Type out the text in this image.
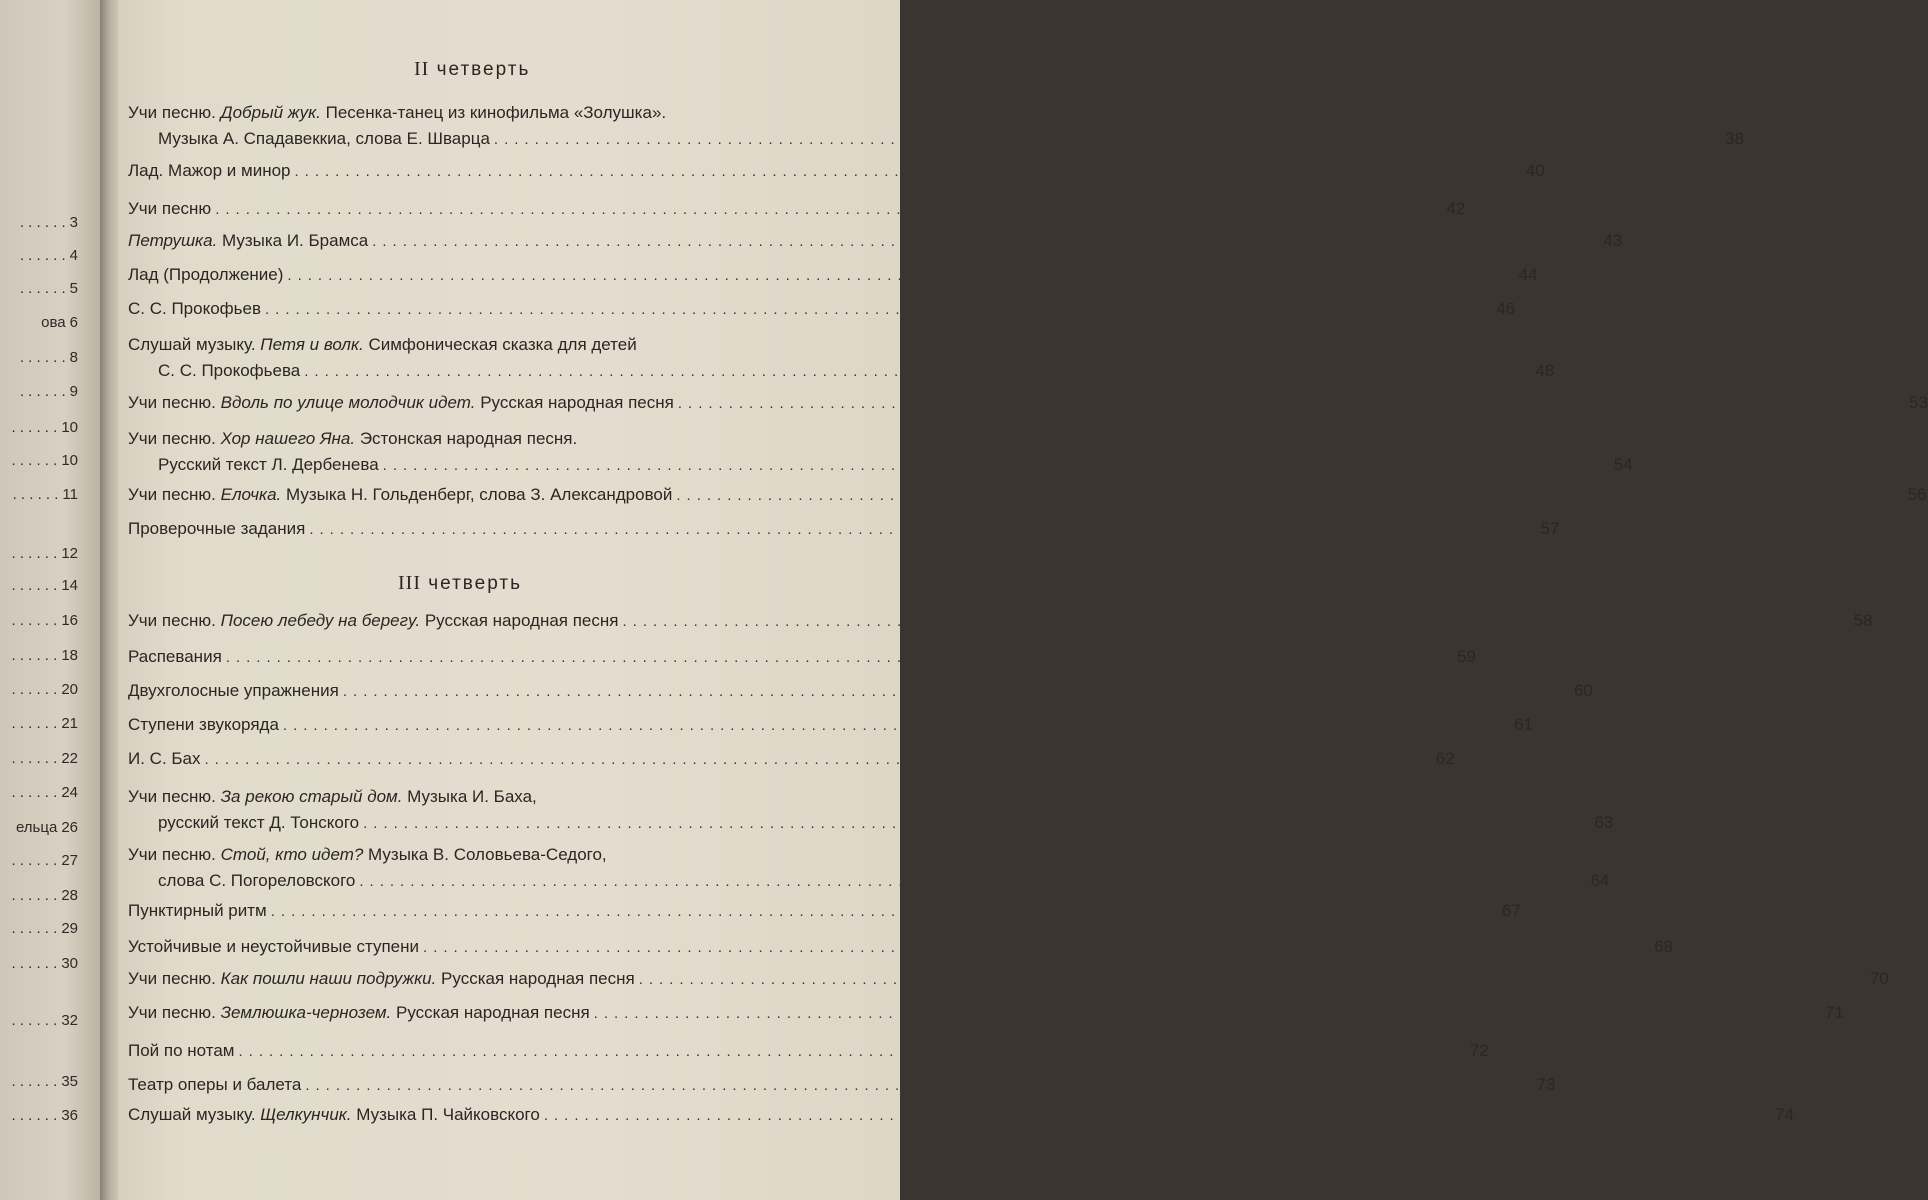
. . . . . . 3
. . . . . . 4
. . . . . . 5
ова 6
. . . . . . 8
. . . . . . 9
. . . . . . 10
. . . . . . 10
. . . . . . 11
. . . . . . 12
. . . . . . 14
. . . . . . 16
. . . . . . 18
. . . . . . 20
. . . . . . 21
. . . . . . 22
. . . . . . 24
ельца 26
. . . . . . 27
. . . . . . 28
. . . . . . 29
. . . . . . 30
. . . . . . 32
. . . . . . 35
. . . . . . 36
II четверть
Учи песню. Добрый жук. Песенка-танец из кинофильма «Золушка».
Музыка А. Спадавеккиа, слова Е. Шварца ........................................................................................................................ 38
Лад. Мажор и минор ........................................................................................................................ 40
Учи песню ........................................................................................................................ 42
Петрушка. Музыка И. Брамса ........................................................................................................................ 43
Лад (Продолжение) ........................................................................................................................ 44
С. С. Прокофьев ........................................................................................................................ 46
Слушай музыку. Петя и волк. Симфоническая сказка для детей
С. С. Прокофьева ........................................................................................................................ 48
Учи песню. Вдоль по улице молодчик идет. Русская народная песня ........................................................................................................................ 53
Учи песню. Хор нашего Яна. Эстонская народная песня.
Русский текст Л. Дербенева ........................................................................................................................ 54
Учи песню. Елочка. Музыка Н. Гольденберг, слова З. Александровой ........................................................................................................................ 56
Проверочные задания ........................................................................................................................ 57
III четверть
Учи песню. Посею лебеду на берегу. Русская народная песня ........................................................................................................................ 58
Распевания ........................................................................................................................ 59
Двухголосные упражнения ........................................................................................................................ 60
Ступени звукоряда ........................................................................................................................ 61
И. С. Бах ........................................................................................................................ 62
Учи песню. За рекою старый дом. Музыка И. Баха,
русский текст Д. Тонского ........................................................................................................................ 63
Учи песню. Стой, кто идет? Музыка В. Соловьева-Седого,
слова С. Погореловского ........................................................................................................................ 64
Пунктирный ритм ........................................................................................................................ 67
Устойчивые и неустойчивые ступени ........................................................................................................................ 68
Учи песню. Как пошли наши подружки. Русская народная песня ........................................................................................................................ 70
Учи песню. Землюшка-чернозем. Русская народная песня ........................................................................................................................ 71
Пой по нотам ........................................................................................................................ 72
Театр оперы и балета ........................................................................................................................ 73
Слушай музыку. Щелкунчик. Музыка П. Чайковского ........................................................................................................................ 74
